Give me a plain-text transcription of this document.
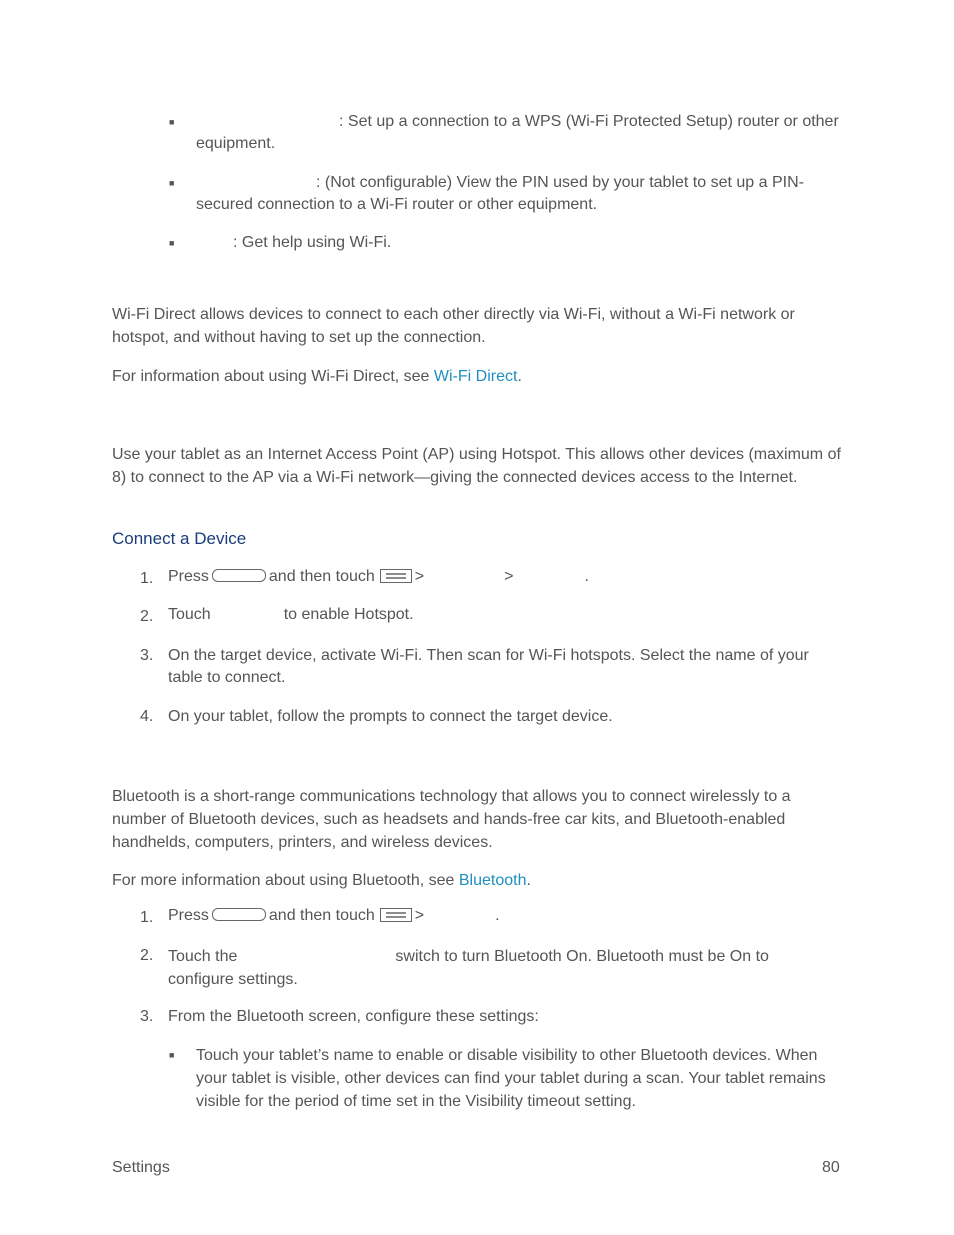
■	: Set up a connection to a WPS (Wi-Fi Protected Setup) router or other equipment.
■	: (Not configurable) View the PIN used by your tablet to set up a PIN-secured connection to a Wi-Fi router or other equipment.
■	: Get help using Wi-Fi.
Wi-Fi Direct allows devices to connect to each other directly via Wi-Fi, without a Wi-Fi network or hotspot, and without having to set up the connection.
For information about using Wi-Fi Direct, see Wi-Fi Direct.
Use your tablet as an Internet Access Point (AP) using Hotspot. This allows other devices (maximum of 8) to connect to the AP via a Wi-Fi network—giving the connected devices access to the Internet.
Connect a Device
1. Press	and then touch	>	>	.
2. Touch	to enable Hotspot.
3. On the target device, activate Wi-Fi. Then scan for Wi-Fi hotspots. Select the name of your table to connect.
4. On your tablet, follow the prompts to connect the target device.
Bluetooth is a short-range communications technology that allows you to connect wirelessly to a number of Bluetooth devices, such as headsets and hands-free car kits, and Bluetooth-enabled handhelds, computers, printers, and wireless devices.
For more information about using Bluetooth, see Bluetooth.
1. Press	and then touch	>	.
2. Touch the	switch to turn Bluetooth On. Bluetooth must be On to
configure settings.
3. From the Bluetooth screen, configure these settings:
■ Touch your tablet’s name to enable or disable visibility to other Bluetooth devices. When your tablet is visible, other devices can find your tablet during a scan. Your tablet remains visible for the period of time set in the Visibility timeout setting.
Settings	80
